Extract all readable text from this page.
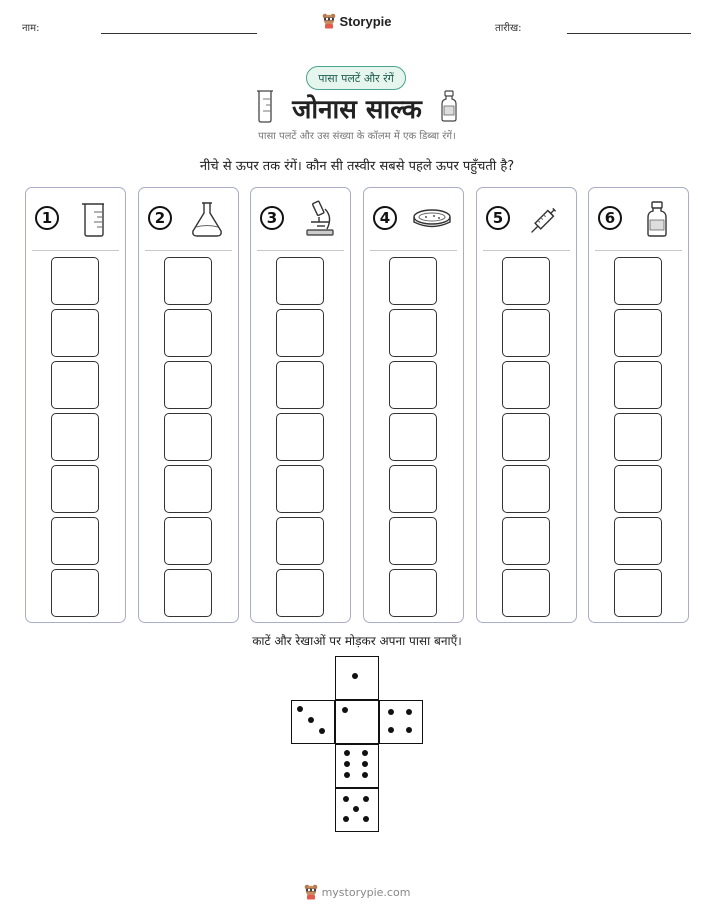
नाम:	Storypie	तारीख:
पासा पलटें और रंगें
जोनास साल्क
पासा पलटें और उस संख्या के कॉलम में एक डिब्बा रंगें।
नीचे से ऊपर तक रंगें। कौन सी तस्वीर सबसे पहले ऊपर पहुँचती है?
1	2	3	4	5	6
काटें और रेखाओं पर मोड़कर अपना पासा बनाएँ।
mystorypie.com
